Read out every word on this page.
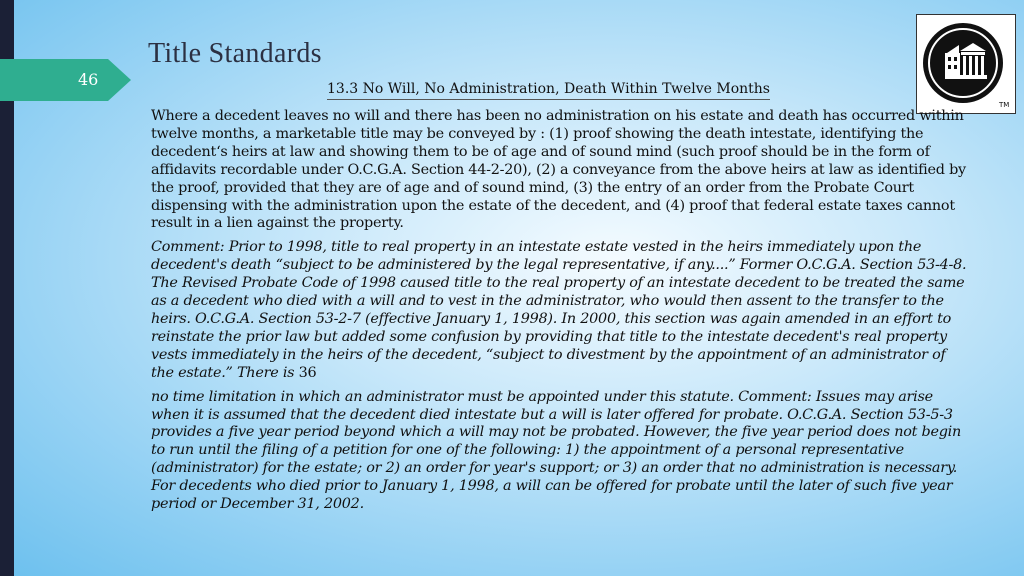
46
Title Standards
13.3 No Will, No Administration, Death Within Twelve Months
TM

Where a decedent leaves no will and there has been no administration on his estate and death has occurred within twelve months, a marketable title may be conveyed by : (1) proof showing the death intestate, identifying the decedent‘s heirs at law and showing them to be of age and of sound mind (such proof should be in the form of affidavits recordable under O.C.G.A. Section 44-2-20), (2) a conveyance from the above heirs at law as identified by the proof, provided that they are of age and of sound mind, (3) the entry of an order from the Probate Court dispensing with the administration upon the estate of the decedent, and (4) proof that federal estate taxes cannot result in a lien against the property.

Comment: Prior to 1998, title to real property in an intestate estate vested in the heirs immediately upon the decedent's death “subject to be administered by the legal representative, if any....” Former O.C.G.A. Section 53-4-8. The Revised Probate Code of 1998 caused title to the real property of an intestate decedent to be treated the same as a decedent who died with a will and to vest in the administrator, who would then assent to the transfer to the heirs. O.C.G.A. Section 53-2-7 (effective January 1, 1998). In 2000, this section was again amended in an effort to reinstate the prior law but added some confusion by providing that title to the intestate decedent's real property vests immediately in the heirs of the decedent, “subject to divestment by the appointment of an administrator of the estate.” There is 36

no time limitation in which an administrator must be appointed under this statute. Comment: Issues may arise when it is assumed that the decedent died intestate but a will is later offered for probate. O.C.G.A. Section 53-5-3 provides a five year period beyond which a will may not be probated. However, the five year period does not begin to run until the filing of a petition for one of the following: 1) the appointment of a personal representative (administrator) for the estate; or 2) an order for year's support; or 3) an order that no administration is necessary. For decedents who died prior to January 1, 1998, a will can be offered for probate until the later of such five year period or December 31, 2002.
